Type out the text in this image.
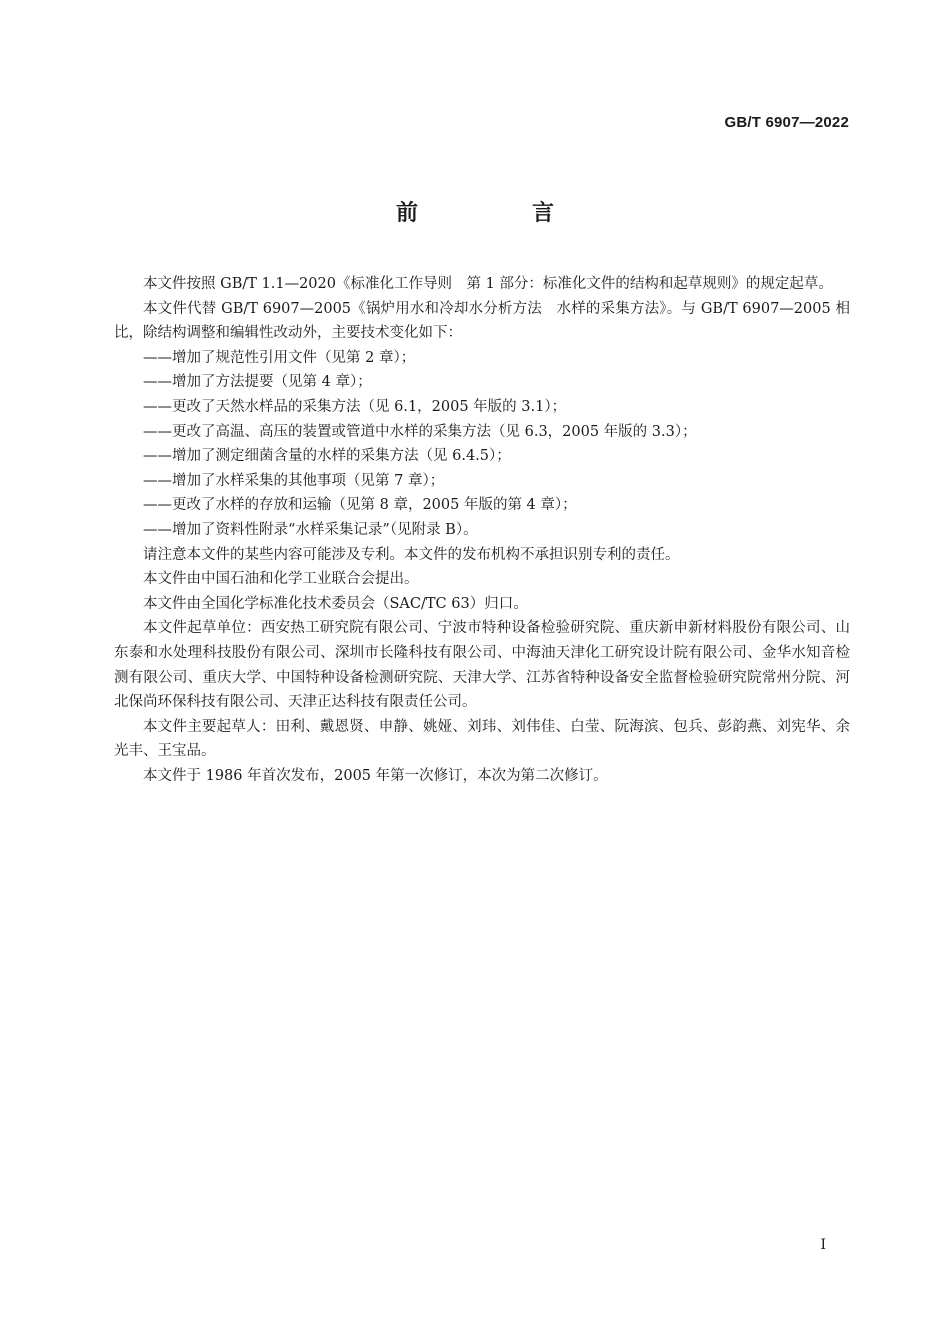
GB/T 6907—2022
前　言

本文件按照 GB/T 1.1—2020《标准化工作导则　第 1 部分：标准化文件的结构和起草规则》的规定起草。

本文件代替 GB/T 6907—2005《锅炉用水和冷却水分析方法　水样的采集方法》。与 GB/T 6907—2005 相比，除结构调整和编辑性改动外，主要技术变化如下：

——增加了规范性引用文件（见第 2 章）；

——增加了方法提要（见第 4 章）；

——更改了天然水样品的采集方法（见 6.1，2005 年版的 3.1）；

——更改了高温、高压的装置或管道中水样的采集方法（见 6.3，2005 年版的 3.3）；

——增加了测定细菌含量的水样的采集方法（见 6.4.5）；

——增加了水样采集的其他事项（见第 7 章）；

——更改了水样的存放和运输（见第 8 章，2005 年版的第 4 章）；

——增加了资料性附录“水样采集记录”（见附录 B）。

请注意本文件的某些内容可能涉及专利。本文件的发布机构不承担识别专利的责任。

本文件由中国石油和化学工业联合会提出。

本文件由全国化学标准化技术委员会（SAC/TC 63）归口。

本文件起草单位：西安热工研究院有限公司、宁波市特种设备检验研究院、重庆新申新材料股份有限公司、山东泰和水处理科技股份有限公司、深圳市长隆科技有限公司、中海油天津化工研究设计院有限公司、金华水知音检测有限公司、重庆大学、中国特种设备检测研究院、天津大学、江苏省特种设备安全监督检验研究院常州分院、河北保尚环保科技有限公司、天津正达科技有限责任公司。

本文件主要起草人：田利、戴恩贤、申静、姚娅、刘玮、刘伟佳、白莹、阮海滨、包兵、彭韵燕、刘宪华、余光丰、王宝品。

本文件于 1986 年首次发布，2005 年第一次修订，本次为第二次修订。

I
